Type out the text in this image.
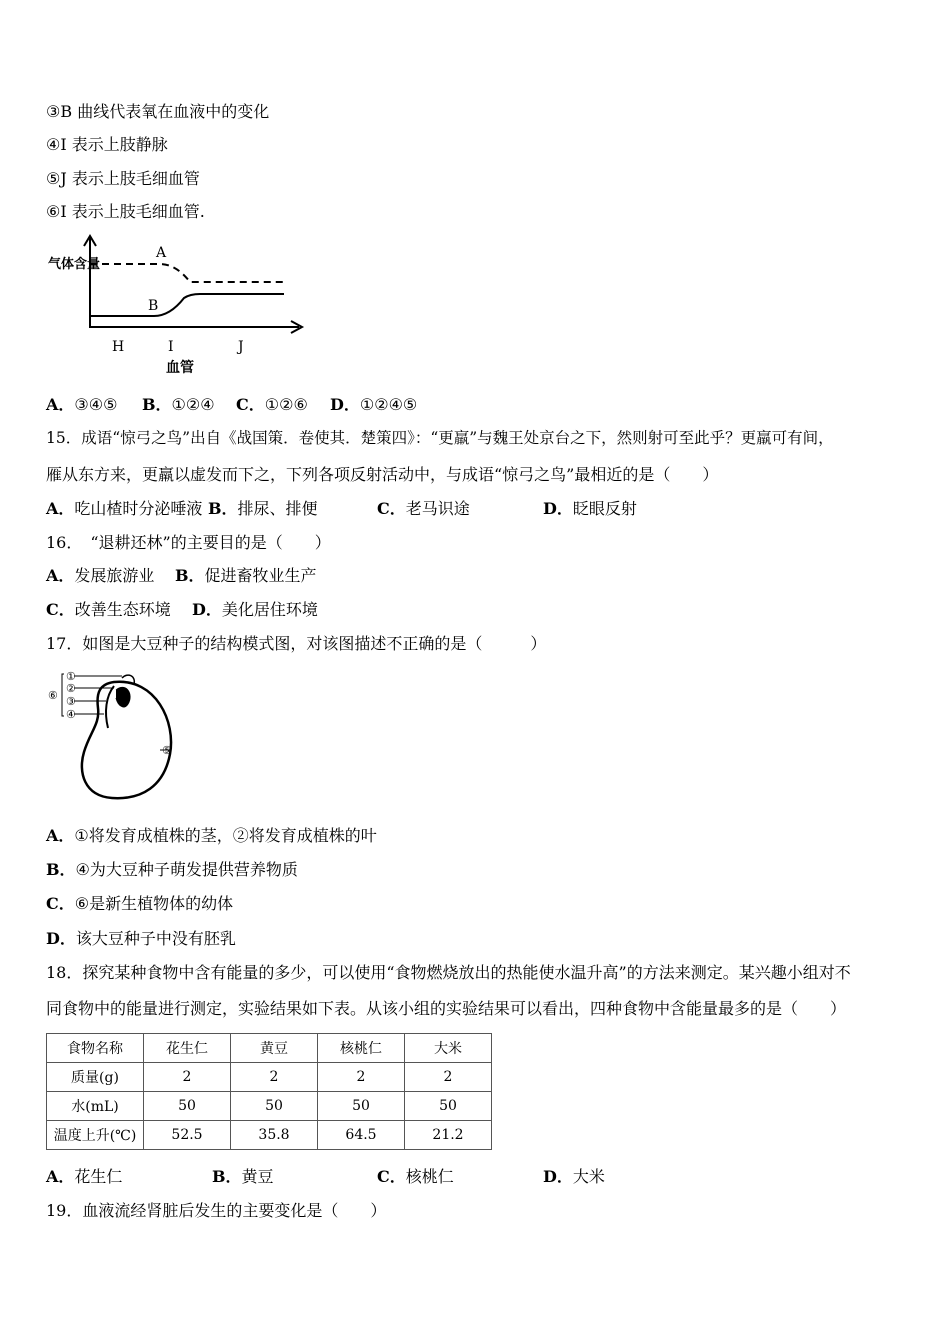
③B 曲线代表氧在血液中的变化
④I 表示上肢静脉
⑤J 表示上肢毛细血管
⑥I 表示上肢毛细血管.
A
B
气体含量
H	I	J
血管
A．③④⑤ B．①②④ C．①②⑥ D．①②④⑤
15．成语“惊弓之鸟”出自《战国策．卷使其．楚策四》：“更羸”与魏王处京台之下，然则射可至此乎？更羸可有间，
雁从东方来，更羸以虚发而下之，下列各项反射活动中，与成语“惊弓之鸟”最相近的是（　　）
A．吃山楂时分泌唾液 B．排尿、排便	C．老马识途	D．眨眼反射
16．　“退耕还林”的主要目的是（　　）
A．发展旅游业 B．促进畜牧业生产
C．改善生态环境 D．美化居住环境
17．如图是大豆种子的结构模式图，对该图描述不正确的是（　　　）
①
②
③
④
⑤
⑥
A．①将发育成植株的茎，②将发育成植株的叶
B．④为大豆种子萌发提供营养物质
C．⑥是新生植物体的幼体
D．该大豆种子中没有胚乳
18．探究某种食物中含有能量的多少，可以使用“食物燃烧放出的热能使水温升高”的方法来测定。某兴趣小组对不
同食物中的能量进行测定，实验结果如下表。从该小组的实验结果可以看出，四种食物中含能量最多的是（　　）
食物名称	花生仁	黄豆	核桃仁	大米
质量(g)	2	2	2	2
水(mL)	50	50	50	50
温度上升(℃)	52.5	35.8	64.5	21.2
A．花生仁	B．黄豆	C．核桃仁	D．大米
19．血液流经肾脏后发生的主要变化是（　　）
